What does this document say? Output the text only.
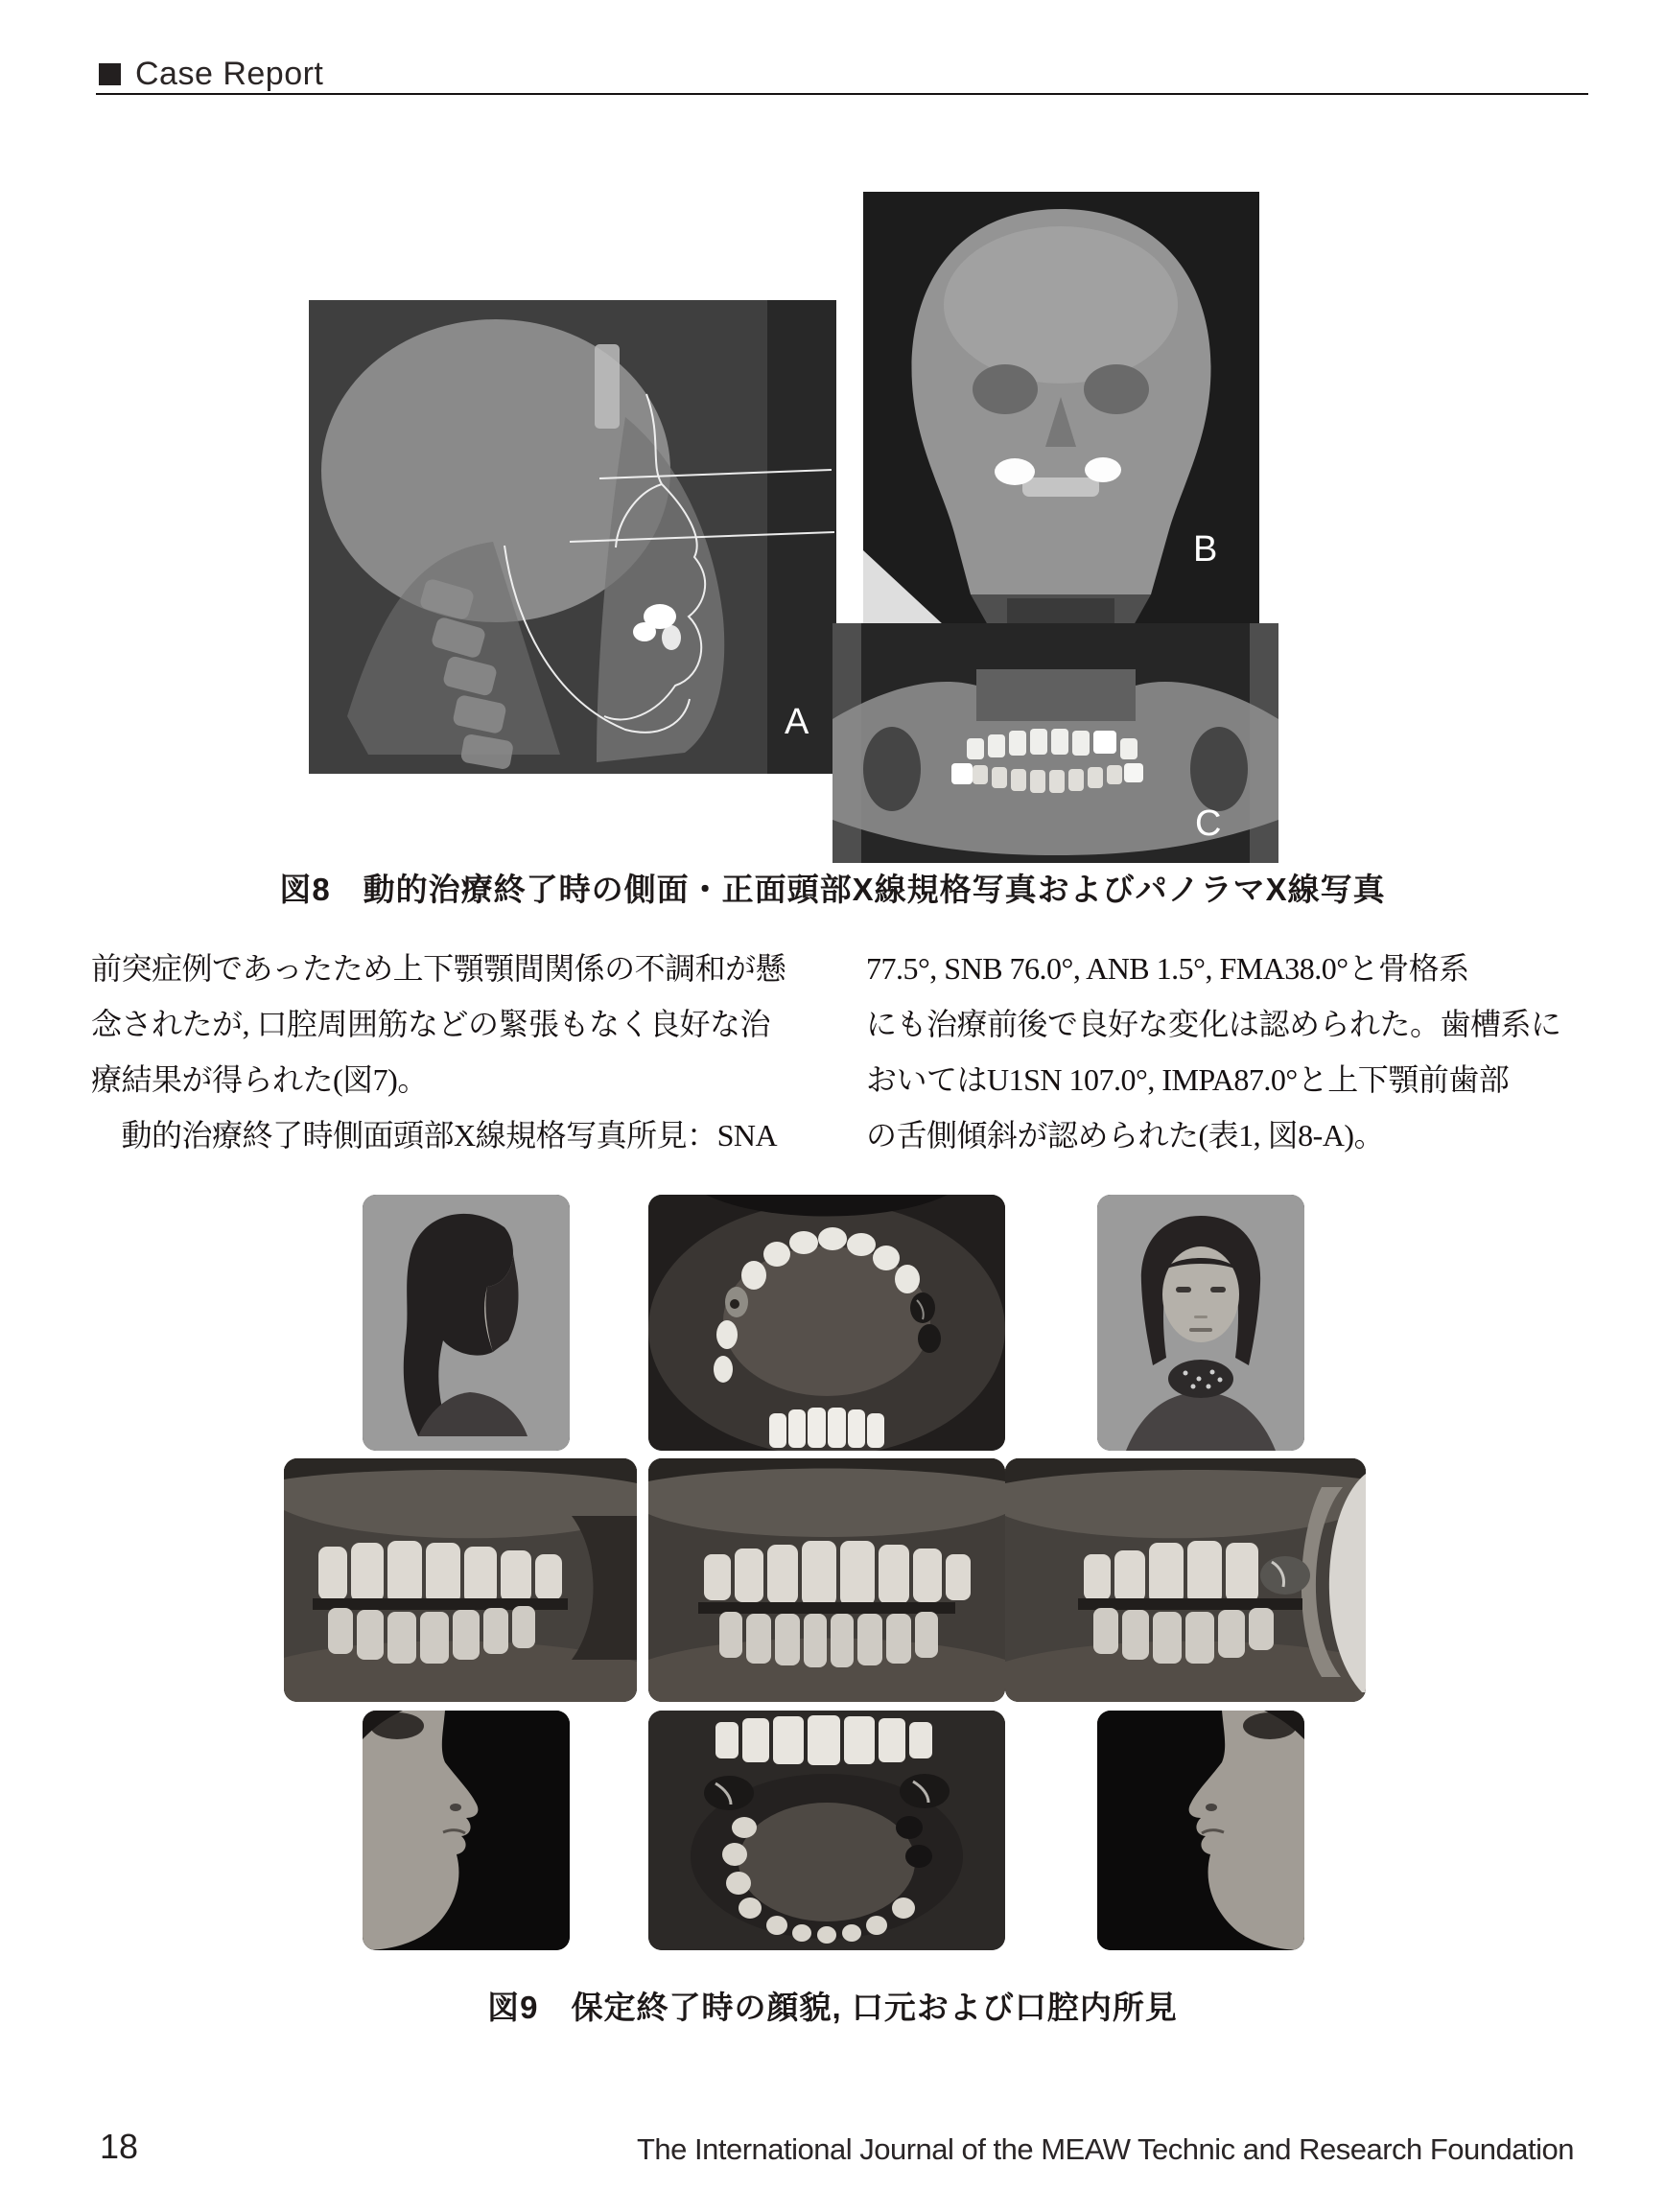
Case Report
A
B
C
図8　動的治療終了時の側面・正面頭部X線規格写真およびパノラマX線写真

前突症例であったため上下顎顎間関係の不調和が懸

念されたが, 口腔周囲筋などの緊張もなく良好な治

療結果が得られた(図7)。

　動的治療終了時側面頭部X線規格写真所見：SNA

77.5°, SNB 76.0°, ANB 1.5°, FMA38.0°と骨格系

にも治療前後で良好な変化は認められた。歯槽系に

おいてはU1SN 107.0°, IMPA87.0°と上下顎前歯部

の舌側傾斜が認められた(表1, 図8-A)。

図9　保定終了時の顔貌, 口元および口腔内所見
18	The International Journal of the MEAW Technic and Research Foundation
